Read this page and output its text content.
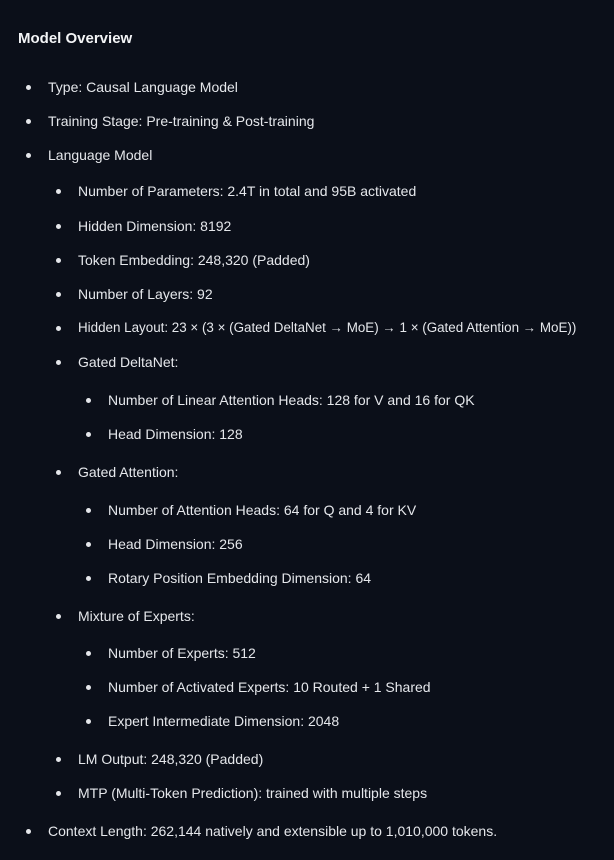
Model Overview
Type: Causal Language Model
Training Stage: Pre-training & Post-training
Language Model
Number of Parameters: 2.4T in total and 95B activated
Hidden Dimension: 8192
Token Embedding: 248,320 (Padded)
Number of Layers: 92
Hidden Layout: 23 × (3 × (Gated DeltaNet → MoE) → 1 × (Gated Attention → MoE))
Gated DeltaNet:
Number of Linear Attention Heads: 128 for V and 16 for QK
Head Dimension: 128
Gated Attention:
Number of Attention Heads: 64 for Q and 4 for KV
Head Dimension: 256
Rotary Position Embedding Dimension: 64
Mixture of Experts:
Number of Experts: 512
Number of Activated Experts: 10 Routed + 1 Shared
Expert Intermediate Dimension: 2048
LM Output: 248,320 (Padded)
MTP (Multi-Token Prediction): trained with multiple steps
Context Length: 262,144 natively and extensible up to 1,010,000 tokens.
